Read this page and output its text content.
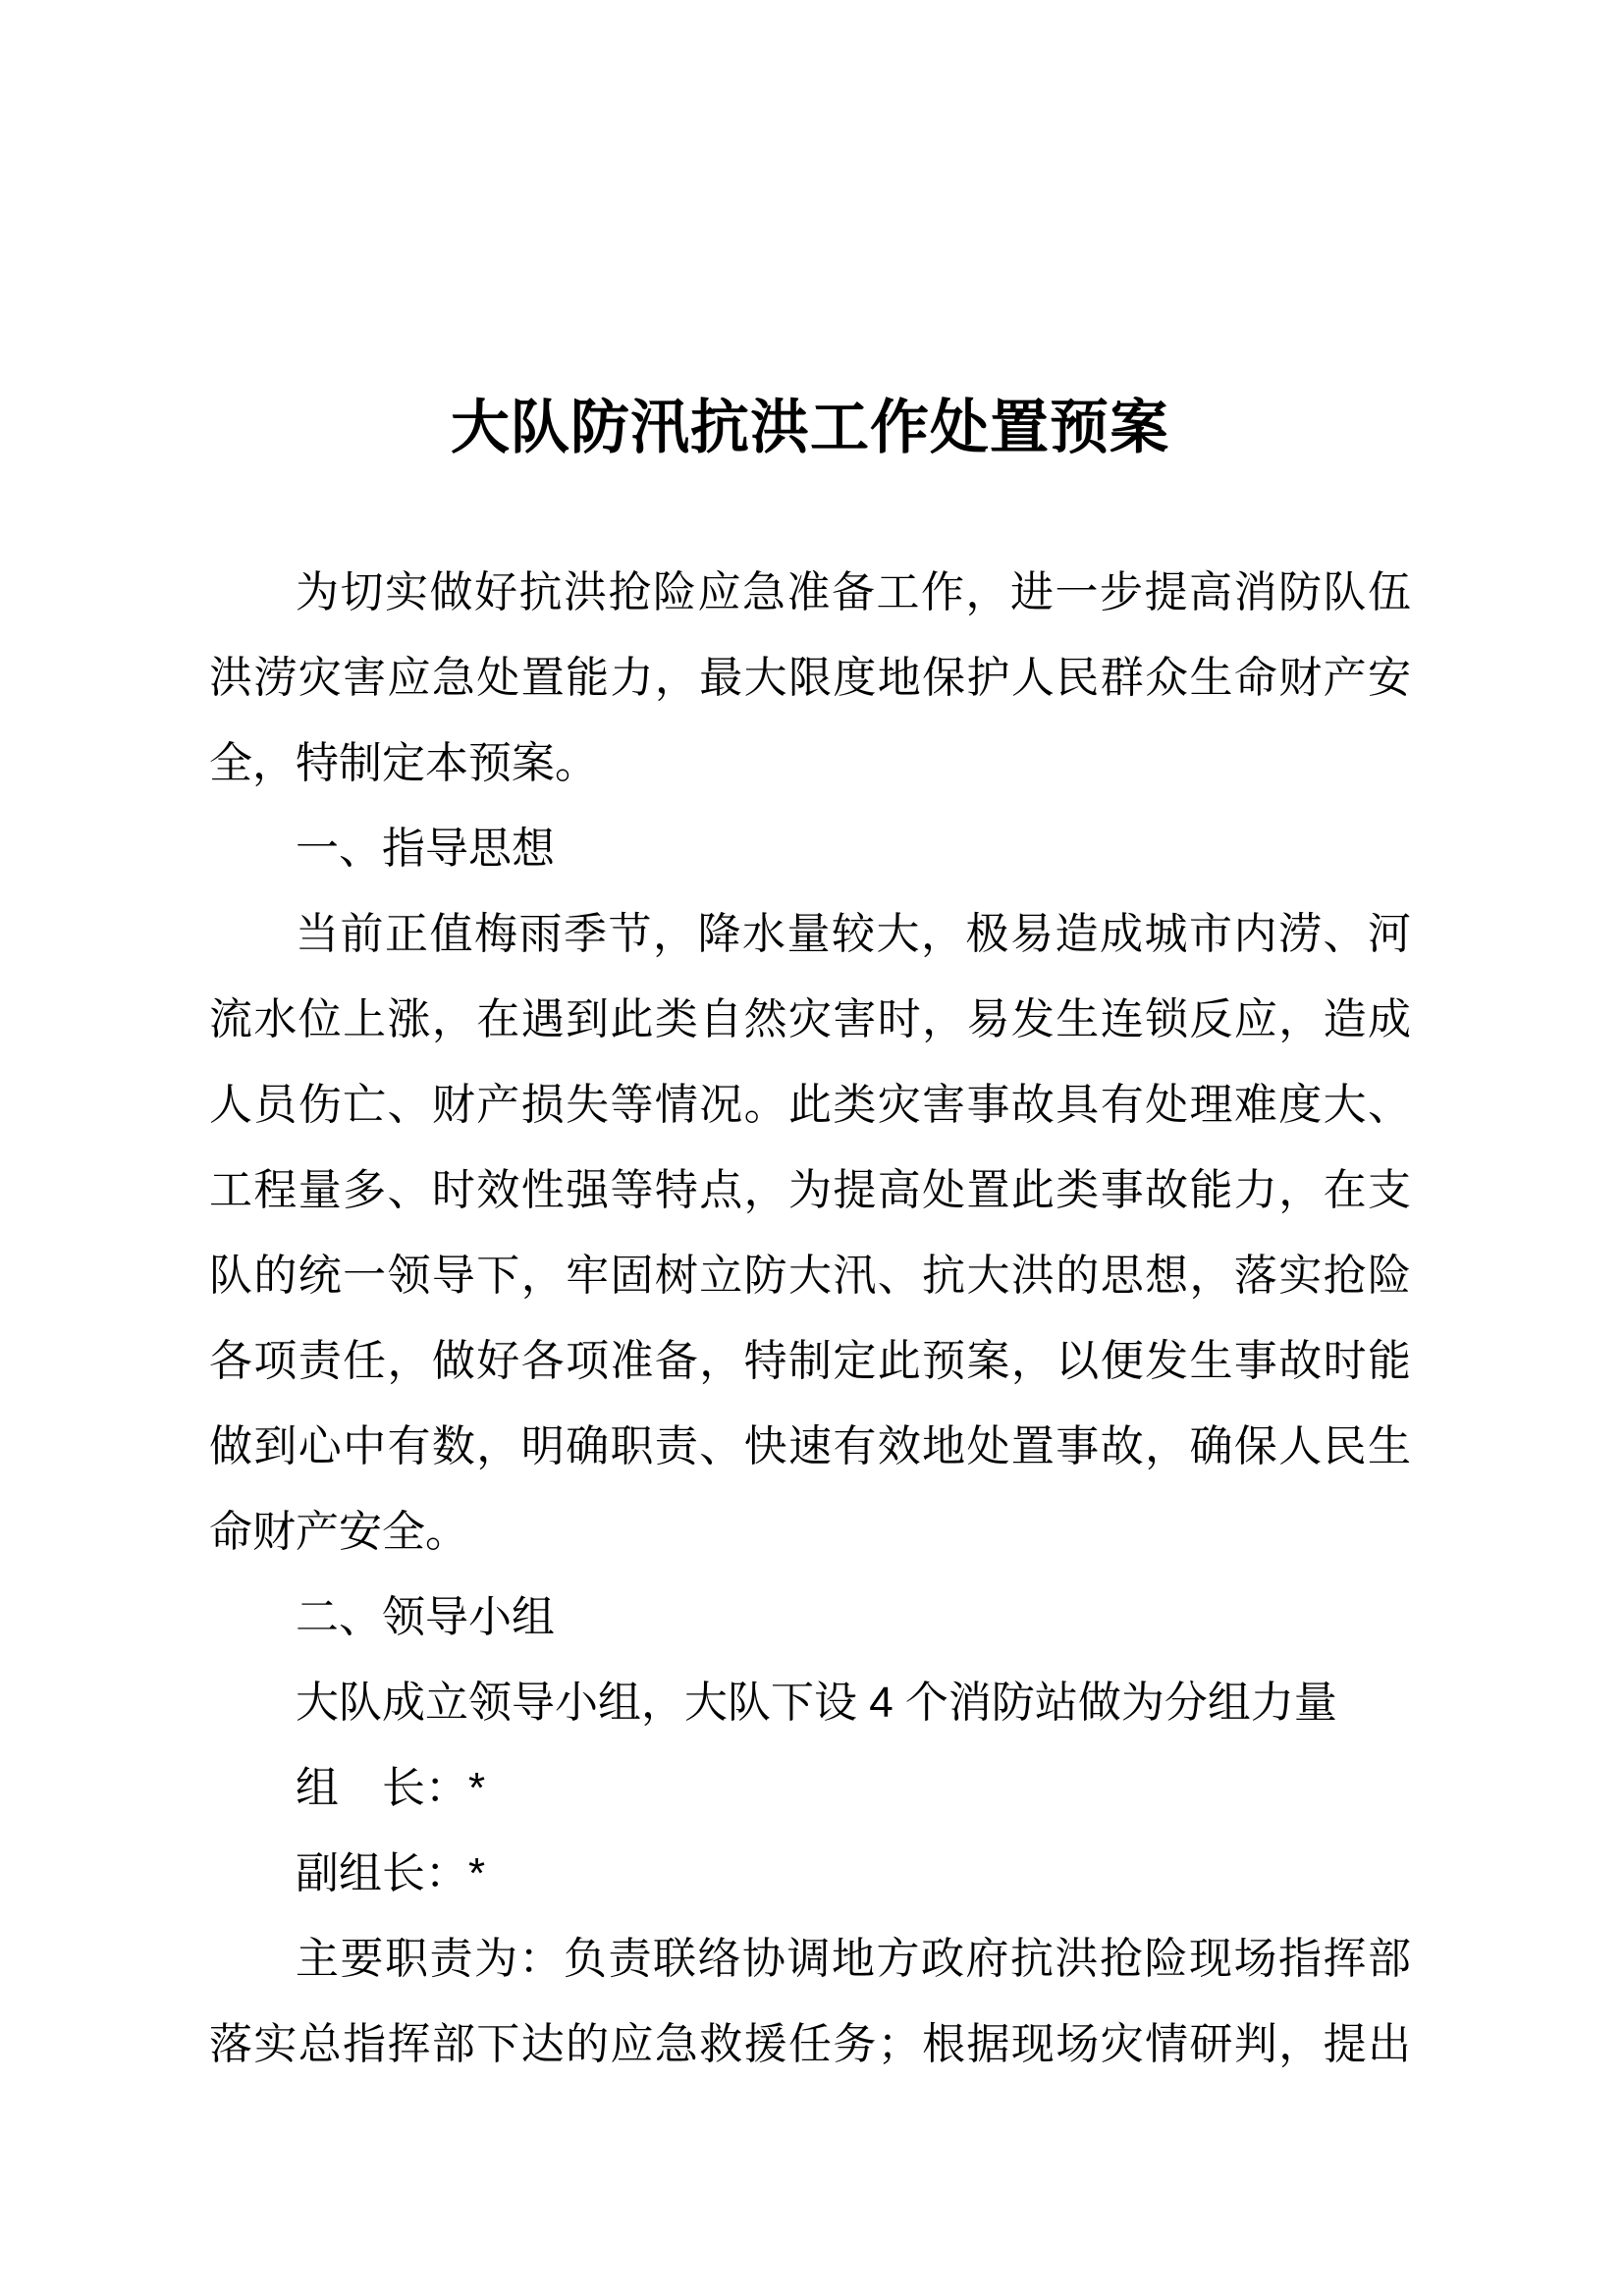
大队防汛抗洪工作处置预案
为切实做好抗洪抢险应急准备工作，进一步提高消防队伍
洪涝灾害应急处置能力，最大限度地保护人民群众生命财产安
全，特制定本预案。
一、指导思想
当前正值梅雨季节，降水量较大，极易造成城市内涝、河
流水位上涨，在遇到此类自然灾害时，易发生连锁反应，造成
人员伤亡、财产损失等情况。此类灾害事故具有处理难度大、
工程量多、时效性强等特点，为提高处置此类事故能力，在支
队的统一领导下，牢固树立防大汛、抗大洪的思想，落实抢险
各项责任，做好各项准备，特制定此预案，以便发生事故时能
做到心中有数，明确职责、快速有效地处置事故，确保人民生
命财产安全。
二、领导小组
大队成立领导小组，大队下设 4 个消防站做为分组力量
组　长：*
副组长：*
主要职责为：负责联络协调地方政府抗洪抢险现场指挥部
落实总指挥部下达的应急救援任务；根据现场灾情研判，提出
